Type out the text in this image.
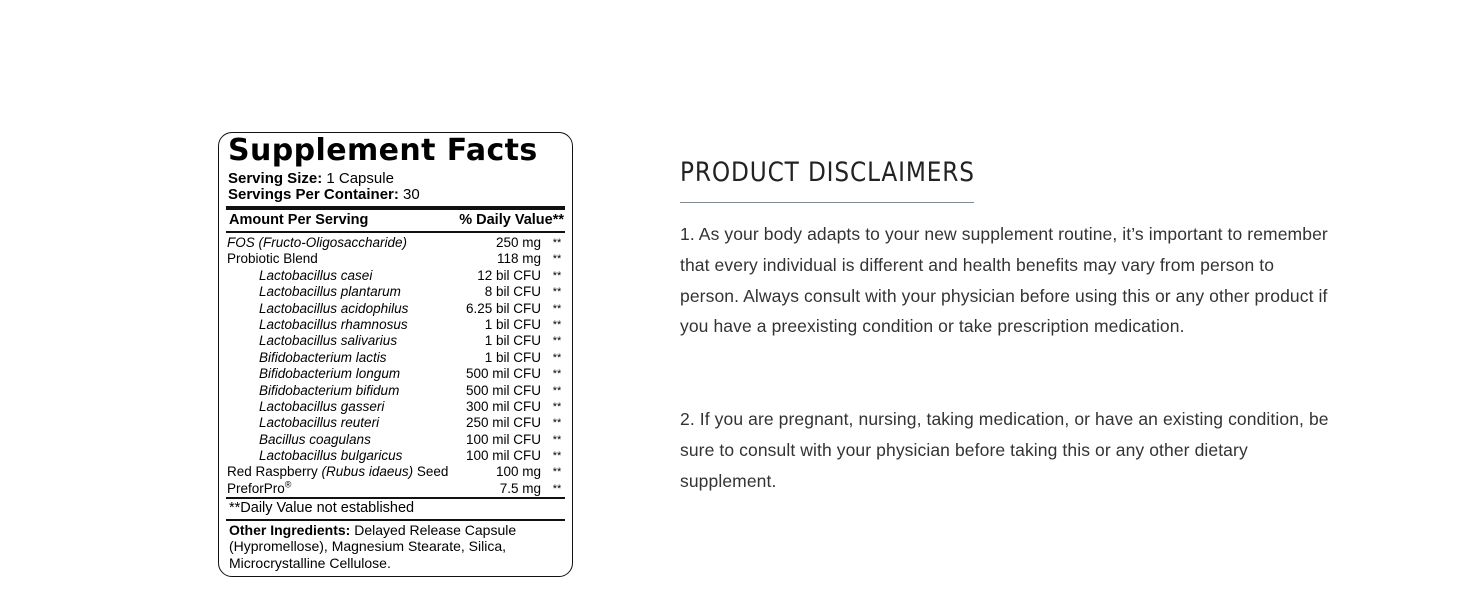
Supplement Facts
Serving Size: 1 Capsule
Servings Per Container: 30
Amount Per Serving	% Daily Value**
FOS (Fructo-Oligosaccharide)	250 mg	**
Probiotic Blend	118 mg	**
Lactobacillus casei	12 bil CFU	**
Lactobacillus plantarum	8 bil CFU	**
Lactobacillus acidophilus	6.25 bil CFU	**
Lactobacillus rhamnosus	1 bil CFU	**
Lactobacillus salivarius	1 bil CFU	**
Bifidobacterium lactis	1 bil CFU	**
Bifidobacterium longum	500 mil CFU	**
Bifidobacterium bifidum	500 mil CFU	**
Lactobacillus gasseri	300 mil CFU	**
Lactobacillus reuteri	250 mil CFU	**
Bacillus coagulans	100 mil CFU	**
Lactobacillus bulgaricus	100 mil CFU	**
Red Raspberry (Rubus idaeus) Seed	100 mg	**
PreforPro®	7.5 mg	**
**Daily Value not established
Other Ingredients: Delayed Release Capsule (Hypromellose), Magnesium Stearate, Silica, Microcrystalline Cellulose.
PRODUCT DISCLAIMERS
1. As your body adapts to your new supplement routine, it’s important to remember that every individual is different and health benefits may vary from person to person. Always consult with your physician before using this or any other product if you have a preexisting condition or take prescription medication.
2. If you are pregnant, nursing, taking medication, or have an existing condition, be sure to consult with your physician before taking this or any other dietary supplement.
